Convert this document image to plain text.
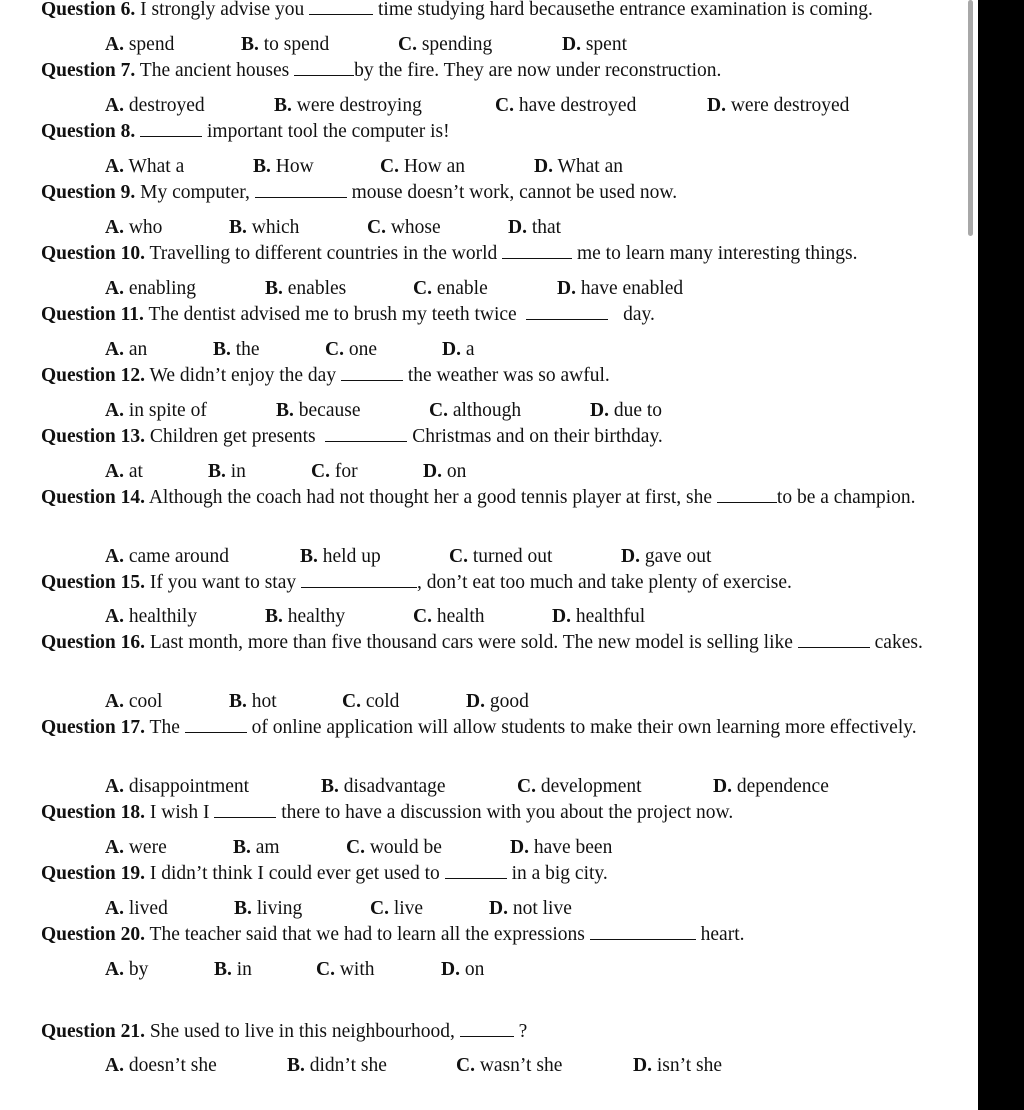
Question 6. I strongly advise you	time studying hard becausethe entrance examination is coming.
A. spend	B. to spend	C. spending	D. spent
Question 7. The ancient houses	by the fire. They are now under reconstruction.
A. destroyed	B. were destroying	C. have destroyed	D. were destroyed
Question 8.	important tool the computer is!
A. What a	B. How	C. How an	D. What an
Question 9. My computer,	mouse doesn’t work, cannot be used now.
A. who	B. which	C. whose	D. that
Question 10. Travelling to different countries in the world	me to learn many interesting things.
A. enabling	B. enables	C. enable	D. have enabled
Question 11. The dentist advised me to brush my teeth twice	day.
A. an	B. the	C. one	D. a
Question 12. We didn’t enjoy the day	the weather was so awful.
A. in spite of	B. because	C. although	D. due to
Question 13. Children get presents	Christmas and on their birthday.
A. at	B. in	C. for	D. on
Question 14. Although the coach had not thought her a good tennis player at first, she	to be a champion.
A. came around	B. held up	C. turned out	D. gave out
Question 15. If you want to stay	, don’t eat too much and take plenty of exercise.
A. healthily	B. healthy	C. health	D. healthful
Question 16. Last month, more than five thousand cars were sold. The new model is selling like	cakes.
A. cool	B. hot	C. cold	D. good
Question 17. The	of online application will allow students to make their own learning more effectively.
A. disappointment	B. disadvantage	C. development	D. dependence
Question 18. I wish I	there to have a discussion with you about the project now.
A. were	B. am	C. would be	D. have been
Question 19. I didn’t think I could ever get used to	in a big city.
A. lived	B. living	C. live	D. not live
Question 20. The teacher said that we had to learn all the expressions	heart.
A. by	B. in	C. with	D. on
Question 21. She used to live in this neighbourhood,	?
A. doesn’t she	B. didn’t she	C. wasn’t she	D. isn’t she
